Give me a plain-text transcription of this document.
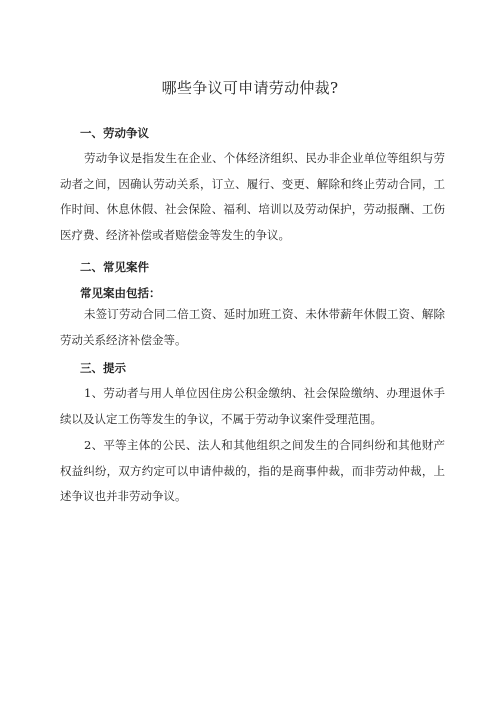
哪些争议可申请劳动仲裁?
一、劳动争议
劳动争议是指发生在企业、个体经济组织、民办非企业单位等组织与劳动者之间，因确认劳动关系，订立、履行、变更、解除和终止劳动合同，工作时间、休息休假、社会保险、福利、培训以及劳动保护，劳动报酬、工伤医疗费、经济补偿或者赔偿金等发生的争议。
二、常见案件
常见案由包括：
未签订劳动合同二倍工资、延时加班工资、未休带薪年休假工资、解除劳动关系经济补偿金等。
三、提示
1、劳动者与用人单位因住房公积金缴纳、社会保险缴纳、办理退休手续以及认定工伤等发生的争议，不属于劳动争议案件受理范围。
2、平等主体的公民、法人和其他组织之间发生的合同纠纷和其他财产权益纠纷，双方约定可以申请仲裁的，指的是商事仲裁，而非劳动仲裁，上述争议也并非劳动争议。
